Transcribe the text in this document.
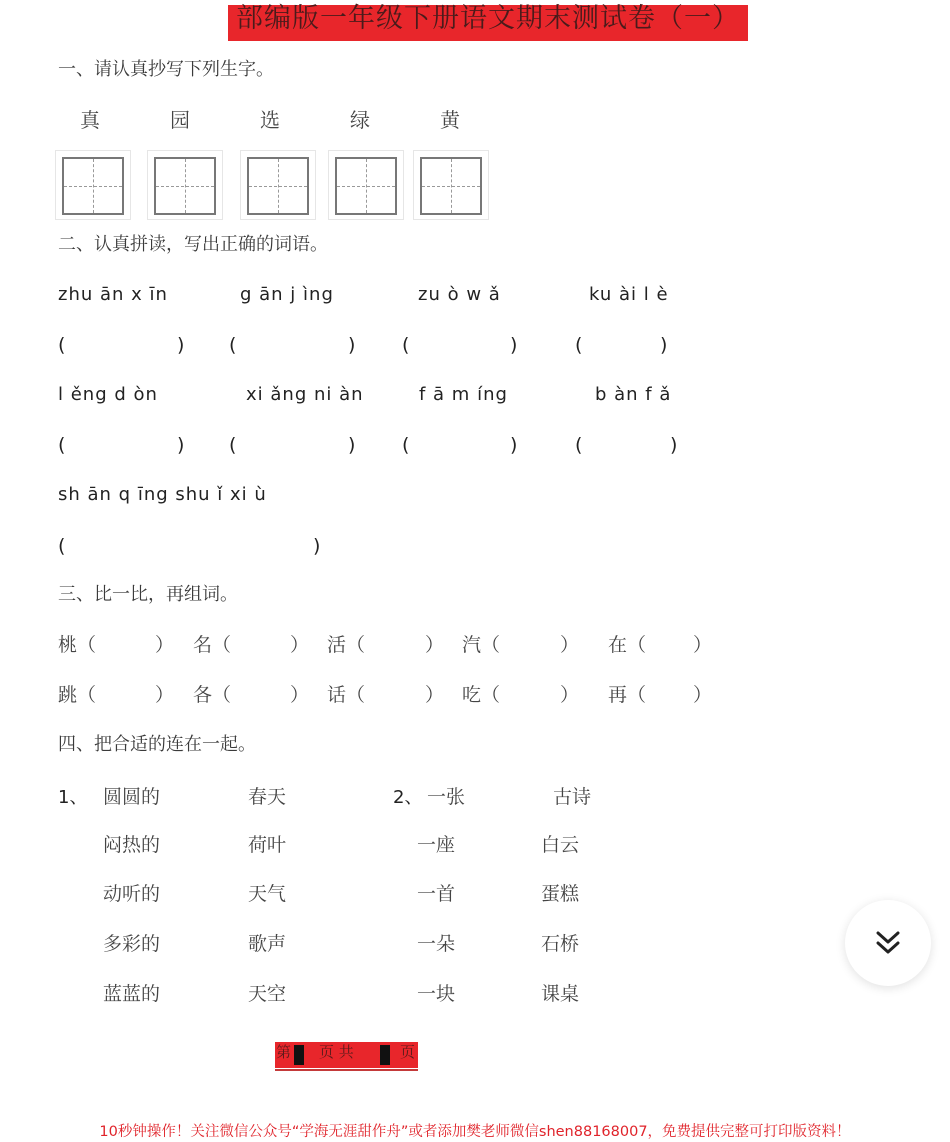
部编版一年级下册语文期末测试卷（一）
一、请认真抄写下列生字。
真	园	选	绿	黄
二、认真拼读，写出正确的词语。
zhu ān x īn	g ān j ìng	zu ò w ǎ	ku ài l è
(	) (	) (	)	(	)
l ěng d òn	xi ǎng ni àn	f ā m íng	b àn f ǎ
(	) (	) (	)	(	)
sh ān q īng shu ǐ xi ù
(	)
三、比一比，再组词。
桃（	） 名（	） 活（	） 汽（	） 在（ ）
跳（	） 各（	） 话（	） 吃（	） 再（ ）
四、把合适的连在一起。
1、 圆圆的	春天	2、 一张	古诗
闷热的	荷叶	一座	白云
动听的	天气	一首	蛋糕
多彩的	歌声	一朵	石桥
蓝蓝的	天空	一块	课桌
第 页 共	页
10秒钟操作！关注微信公众号“学海无涯甜作舟”或者添加樊老师微信shen88168007，免费提供完整可打印版资料！
